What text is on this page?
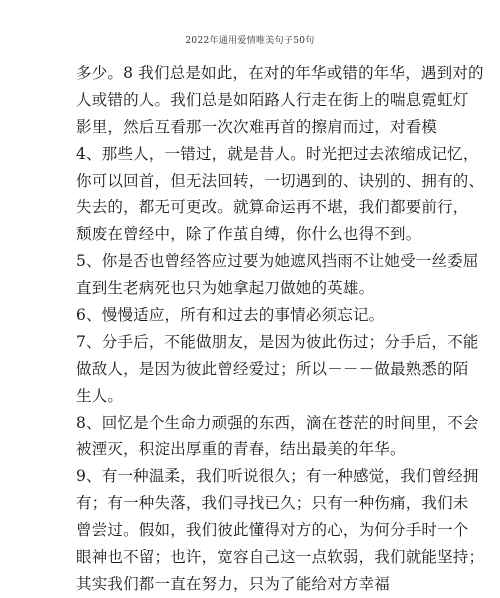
2022年通用爱情唯美句子50句
多少。8 我们总是如此，在对的年华或错的年华，遇到对的
人或错的人。我们总是如陌路人行走在街上的喘息霓虹灯
影里，然后互看那一次次难再首的擦肩而过，对看模
4、那些人，一错过，就是昔人。时光把过去浓缩成记忆，
你可以回首，但无法回转，一切遇到的、诀别的、拥有的、
失去的，都无可更改。就算命运再不堪，我们都要前行，
颓废在曾经中，除了作茧自缚，你什么也得不到。
5、你是否也曾经答应过要为她遮风挡雨不让她受一丝委屈
直到生老病死也只为她拿起刀做她的英雄。
6、慢慢适应，所有和过去的事情必须忘记。
7、分手后，不能做朋友，是因为彼此伤过；分手后，不能
做敌人，是因为彼此曾经爱过；所以－－－做最熟悉的陌
生人。
8、回忆是个生命力顽强的东西，滴在苍茫的时间里，不会
被湮灭，积淀出厚重的青春，结出最美的年华。
9、有一种温柔，我们听说很久；有一种感觉，我们曾经拥
有；有一种失落，我们寻找已久；只有一种伤痛，我们未
曾尝过。假如，我们彼此懂得对方的心，为何分手时一个
眼神也不留；也许，宽容自己这一点软弱，我们就能坚持；
其实我们都一直在努力，只为了能给对方幸福
